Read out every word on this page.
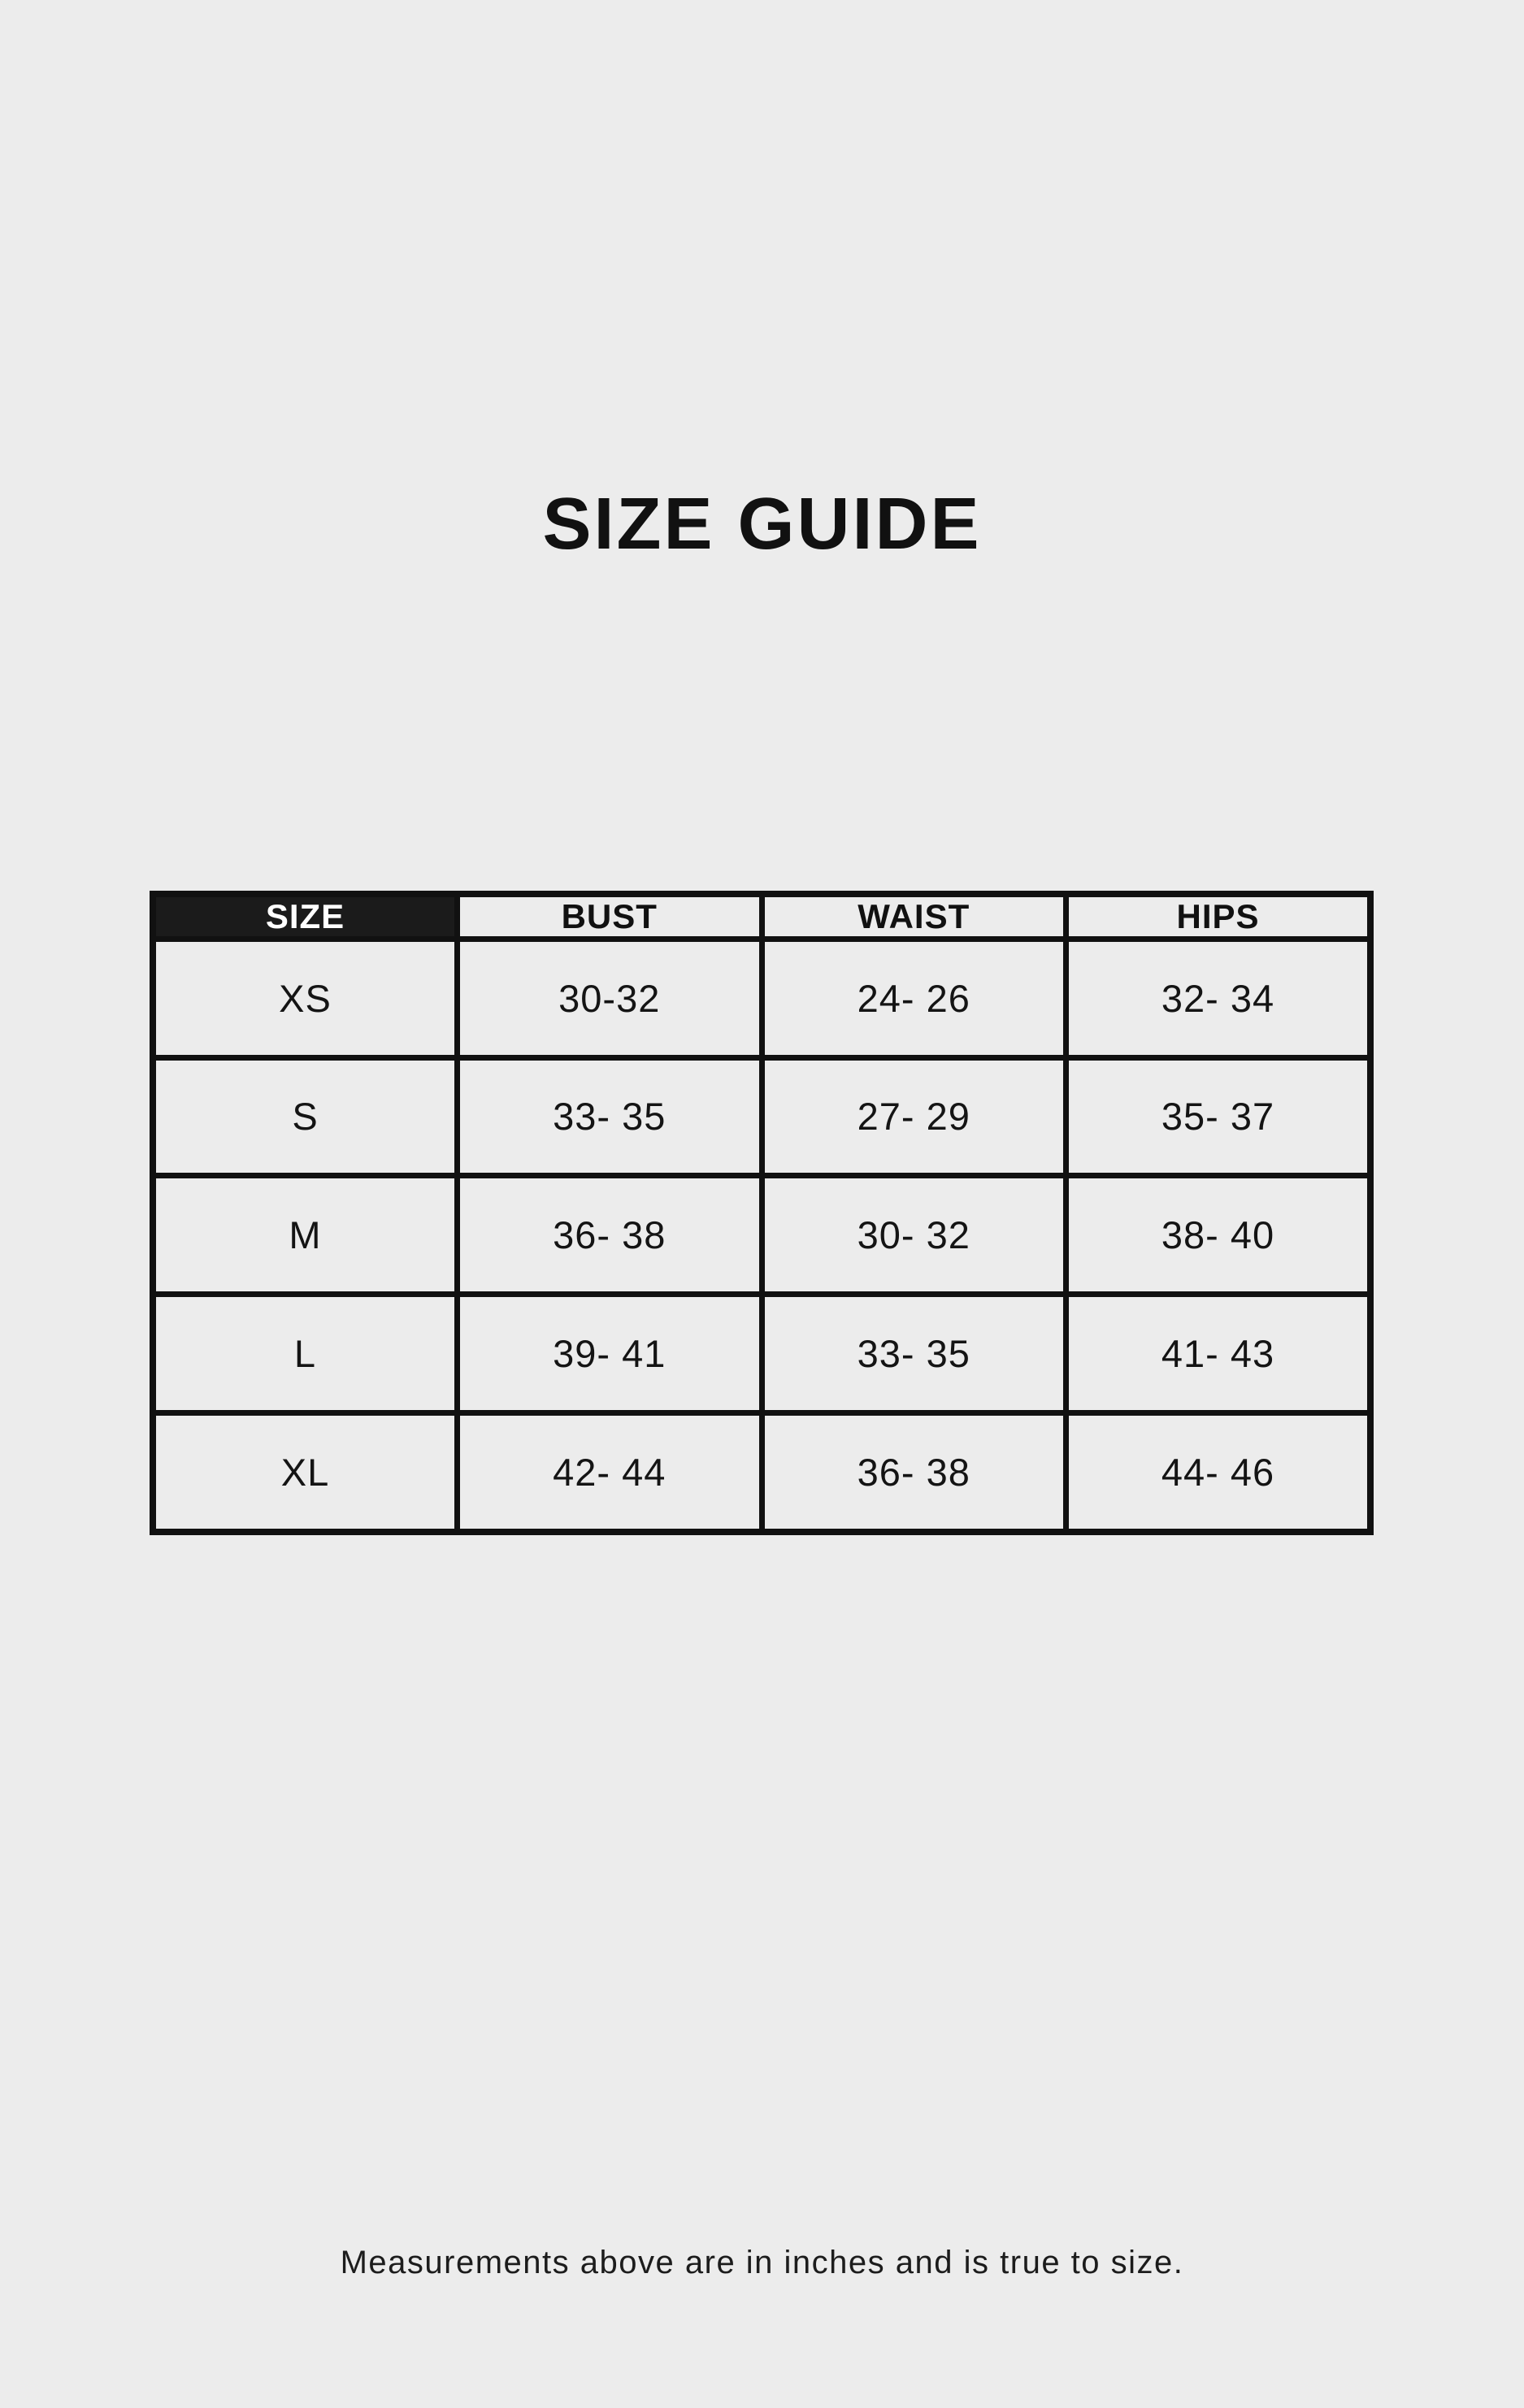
SIZE GUIDE
SIZE	BUST	WAIST	HIPS
XS	30-32	24- 26	32- 34
S	33- 35	27- 29	35- 37
M	36- 38	30- 32	38- 40
L	39- 41	33- 35	41- 43
XL	42- 44	36- 38	44- 46
Measurements above are in inches and is true to size.
